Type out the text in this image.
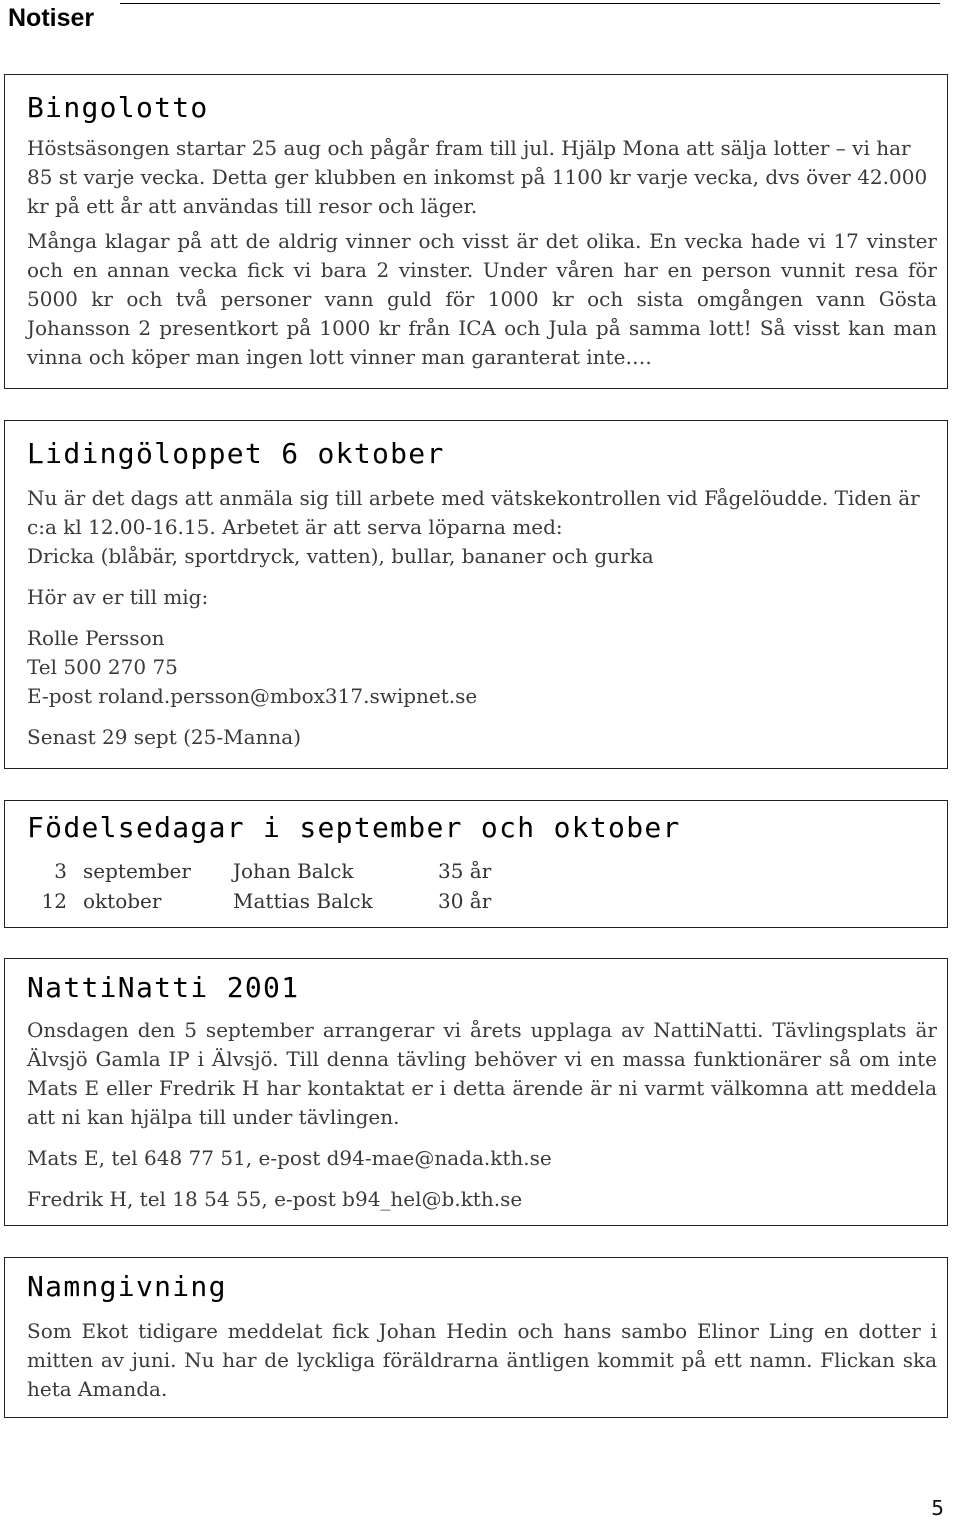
Notiser
Bingolotto

Höstsäsongen startar 25 aug och pågår fram till jul. Hjälp Mona att sälja lotter – vi har 85 st varje vecka. Detta ger klubben en inkomst på 1100 kr varje vecka, dvs över 42.000 kr på ett år att användas till resor och läger.

Många klagar på att de aldrig vinner och visst är det olika. En vecka hade vi 17 vinster och en annan vecka fick vi bara 2 vinster. Under våren har en person vunnit resa för 5000 kr och två personer vann guld för 1000 kr och sista omgången vann Gösta Johansson 2 presentkort på 1000 kr från ICA och Jula på samma lott! Så visst kan man vinna och köper man ingen lott vinner man garanterat inte….

Lidingöloppet 6 oktober

Nu är det dags att anmäla sig till arbete med vätskekontrollen vid Fågelöudde. Tiden är c:a kl 12.00-16.15. Arbetet är att serva löparna med:

Dricka (blåbär, sportdryck, vatten), bullar, bananer och gurka

Hör av er till mig:

Rolle Persson

Tel 500 270 75

E-post roland.persson@mbox317.swipnet.se

Senast 29 sept (25-Manna)

Födelsedagar i september och oktober
3 september	Johan Balck	35 år
12 oktober	Mattias Balck	30 år
NattiNatti 2001

Onsdagen den 5 september arrangerar vi årets upplaga av NattiNatti. Tävlingsplats är Älvsjö Gamla IP i Älvsjö. Till denna tävling behöver vi en massa funktionärer så om inte Mats E eller Fredrik H har kontaktat er i detta ärende är ni varmt välkomna att meddela att ni kan hjälpa till under tävlingen.

Mats E, tel 648 77 51, e-post d94-mae@nada.kth.se

Fredrik H, tel 18 54 55, e-post b94_hel@b.kth.se

Namngivning

Som Ekot tidigare meddelat fick Johan Hedin och hans sambo Elinor Ling en dotter i mitten av juni. Nu har de lyckliga föräldrarna äntligen kommit på ett namn. Flickan ska heta Amanda.

5
